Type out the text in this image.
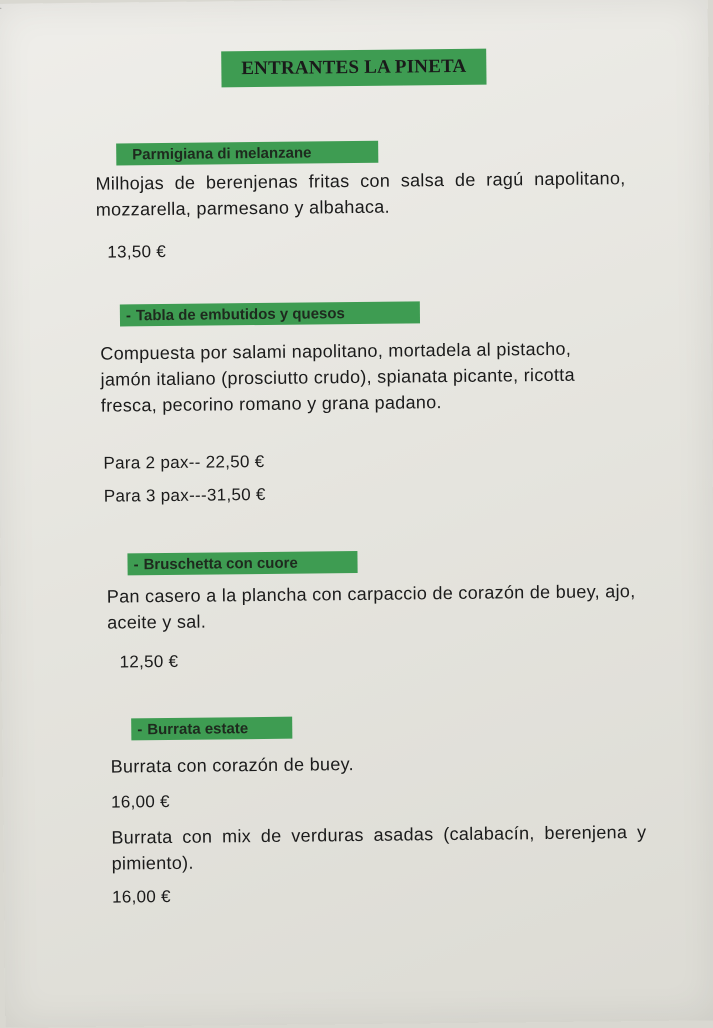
~
ENTRANTES LA PINETA

Parmigiana di melanzane
Milhojas de berenjenas fritas con salsa de ragú napolitano, mozzarella, parmesano y albahaca.
13,50 €
- Tabla de embutidos y quesos
Compuesta por salami napolitano, mortadela al pistacho, jamón italiano (prosciutto crudo), spianata picante, ricotta fresca, pecorino romano y grana padano.
Para 2 pax-- 22,50 €
Para 3 pax---31,50 €
- Bruschetta con cuore
Pan casero a la plancha con carpaccio de corazón de buey, ajo, aceite y sal.
12,50 €
- Burrata estate
Burrata con corazón de buey.
16,00 €
Burrata con mix de verduras asadas (calabacín, berenjena y pimiento).
16,00 €
